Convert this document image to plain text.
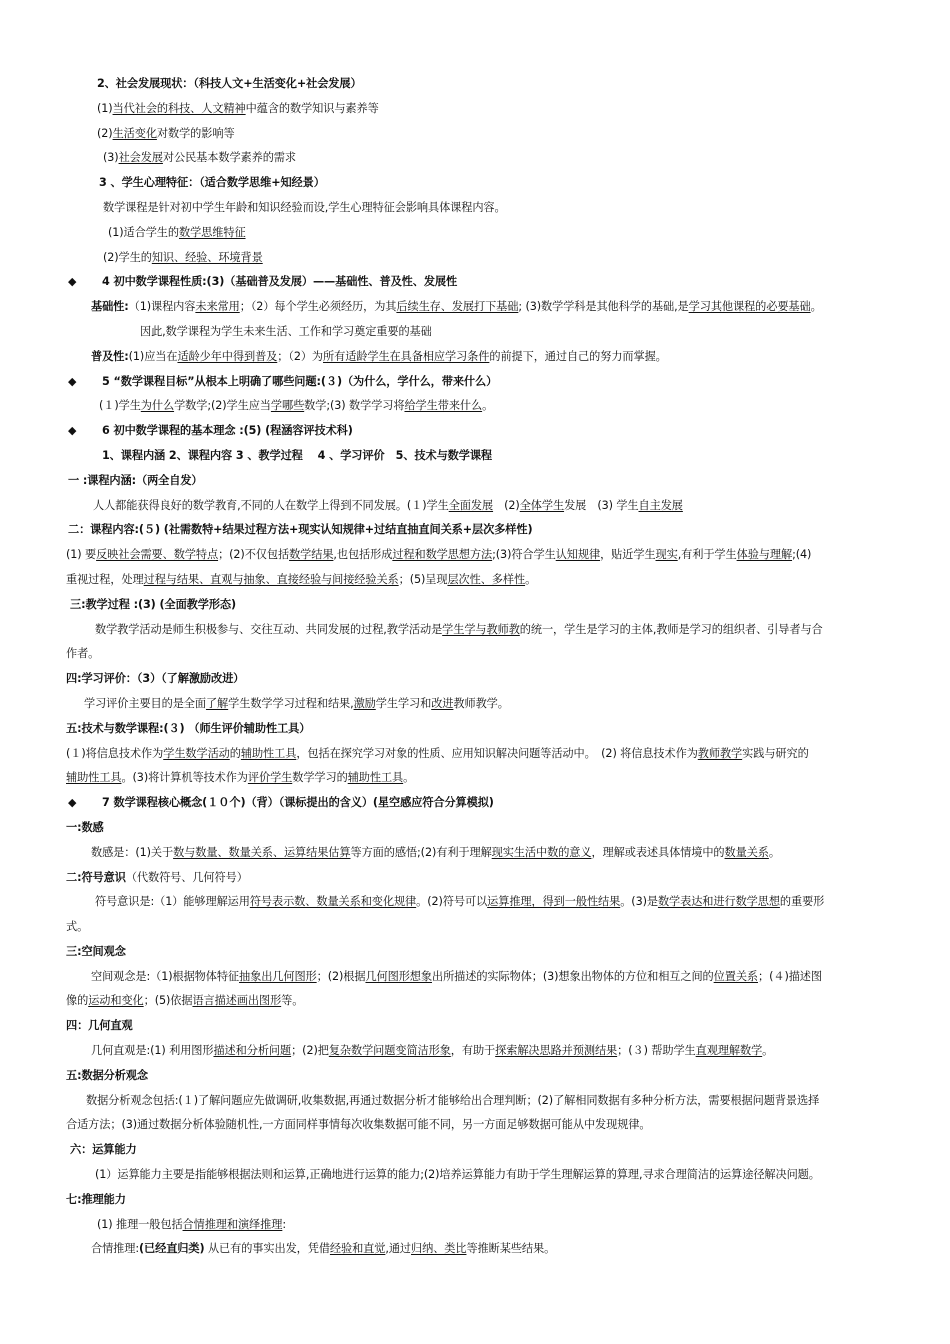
2、社会发展现状：（科技人文+生活变化+社会发展）
(1)当代社会的科技、人文精神中蕴含的数学知识与素养等
(2)生活变化对数学的影响等
(3)社会发展对公民基本数学素养的需求
3 、学生心理特征：（适合数学思维+知经景）
数学课程是针对初中学生年龄和知识经验而设,学生心理特征会影响具体课程内容。
(1)适合学生的数学思维特征
(2)学生的知识、经验、环境背景
◆ 4 初中数学课程性质:(3)（基础普及发展）——基础性、普及性、发展性
基础性:（1)课程内容未来常用；（2）每个学生必须经历，为其后续生存、发展打下基础; (3)数学学科是其他科学的基础,是学习其他课程的必要基础。
因此,数学课程为学生未来生活、工作和学习奠定重要的基础
普及性:(1)应当在适龄少年中得到普及；（2）为所有适龄学生在具备相应学习条件的前提下，通过自己的努力而掌握。
◆ 5 “数学课程目标”从根本上明确了哪些问题:(３)（为什么，学什么，带来什么）
(１)学生为什么学数学;(2)学生应当学哪些数学;(3) 数学学习将给学生带来什么。
◆ 6 初中数学课程的基本理念 :(5) (程涵容评技术科)
1、课程内涵 2、课程内容 3 、教学过程 　4 、学习评价　5、技术与数学课程
一 :课程内涵:（两全自发）
人人都能获得良好的数学教育,不同的人在数学上得到不同发展。(１)学生全面发展　(2)全体学生发展　(3) 学生自主发展
二：课程内容:(５) (社需数特+结果过程方法+现实认知规律+过结直抽直间关系+层次多样性)
(1) 要反映社会需要、数学特点；(2)不仅包括数学结果,也包括形成过程和数学思想方法;(3)符合学生认知规律，贴近学生现实,有利于学生体验与理解;(4)
重视过程，处理过程与结果、直观与抽象、直接经验与间接经验关系；(5)呈现层次性、多样性。
三:教学过程 :(3) (全面教学形态)
数学教学活动是师生积极参与、交往互动、共同发展的过程,教学活动是学生学与教师教的统一，学生是学习的主体,教师是学习的组织者、引导者与合
作者。
四:学习评价：（3）（了解激励改进）
学习评价主要目的是全面了解学生数学学习过程和结果,激励学生学习和改进教师教学。
五:技术与数学课程:(３) （师生评价辅助性工具）
(１)将信息技术作为学生数学活动的辅助性工具，包括在探究学习对象的性质、应用知识解决问题等活动中。　(2) 将信息技术作为教师教学实践与研究的
辅助性工具。(3)将计算机等技术作为评价学生数学学习的辅助性工具。
◆ 7 数学课程核心概念(１０个)（背）（课标提出的含义）(星空感应符合分算模拟)
一:数感
数感是：(1)关于数与数量、数量关系、运算结果估算等方面的感悟;(2)有利于理解现实生活中数的意义，理解或表述具体情境中的数量关系。
二:符号意识（代数符号、几何符号）
符号意识是:（1）能够理解运用符号表示数、数量关系和变化规律。(2)符号可以运算推理，得到一般性结果。(3)是数学表达和进行数学思想的重要形
式。
三:空间观念
空间观念是:（1)根据物体特征抽象出几何图形；(2)根据几何图形想象出所描述的实际物体；(3)想象出物体的方位和相互之间的位置关系；(４)描述图
像的运动和变化；(5)依据语言描述画出图形等。
四：几何直观
几何直观是:(1) 利用图形描述和分析问题；(2)把复杂数学问题变简洁形象，有助于探索解决思路并预测结果；(３) 帮助学生直观理解数学。
五:数据分析观念
数据分析观念包括:(１)了解问题应先做调研,收集数据,再通过数据分析才能够给出合理判断；(2)了解相同数据有多种分析方法，需要根据问题背景选择
合适方法；(3)通过数据分析体验随机性,一方面同样事情每次收集数据可能不同，另一方面足够数据可能从中发现规律。
六：运算能力
(1）运算能力主要是指能够根据法则和运算,正确地进行运算的能力;(2)培养运算能力有助于学生理解运算的算理,寻求合理简洁的运算途径解决问题。
七:推理能力
(1) 推理一般包括合情推理和演绎推理:
合情推理:(已经直归类) 从已有的事实出发，凭借经验和直觉,通过归纳、类比等推断某些结果。
